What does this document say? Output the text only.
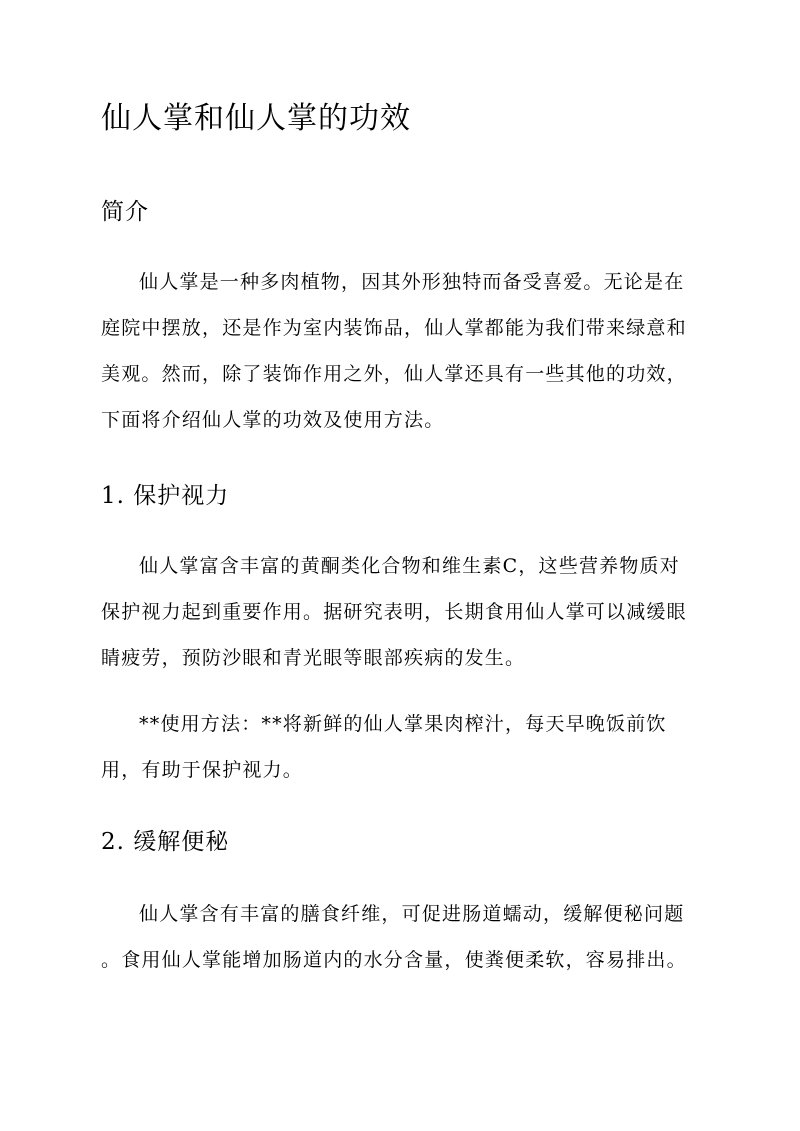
仙人掌和仙人掌的功效
简介

仙人掌是一种多肉植物，因其外形独特而备受喜爱。无论是在
庭院中摆放，还是作为室内装饰品，仙人掌都能为我们带来绿意和
美观。然而，除了装饰作用之外，仙人掌还具有一些其他的功效，
下面将介绍仙人掌的功效及使用方法。

1. 保护视力

仙人掌富含丰富的黄酮类化合物和维生素C，这些营养物质对
保护视力起到重要作用。据研究表明，长期食用仙人掌可以减缓眼
睛疲劳，预防沙眼和青光眼等眼部疾病的发生。

**使用方法：**将新鲜的仙人掌果肉榨汁，每天早晚饭前饮
用，有助于保护视力。

2. 缓解便秘

仙人掌含有丰富的膳食纤维，可促进肠道蠕动，缓解便秘问题
。食用仙人掌能增加肠道内的水分含量，使粪便柔软，容易排出。
